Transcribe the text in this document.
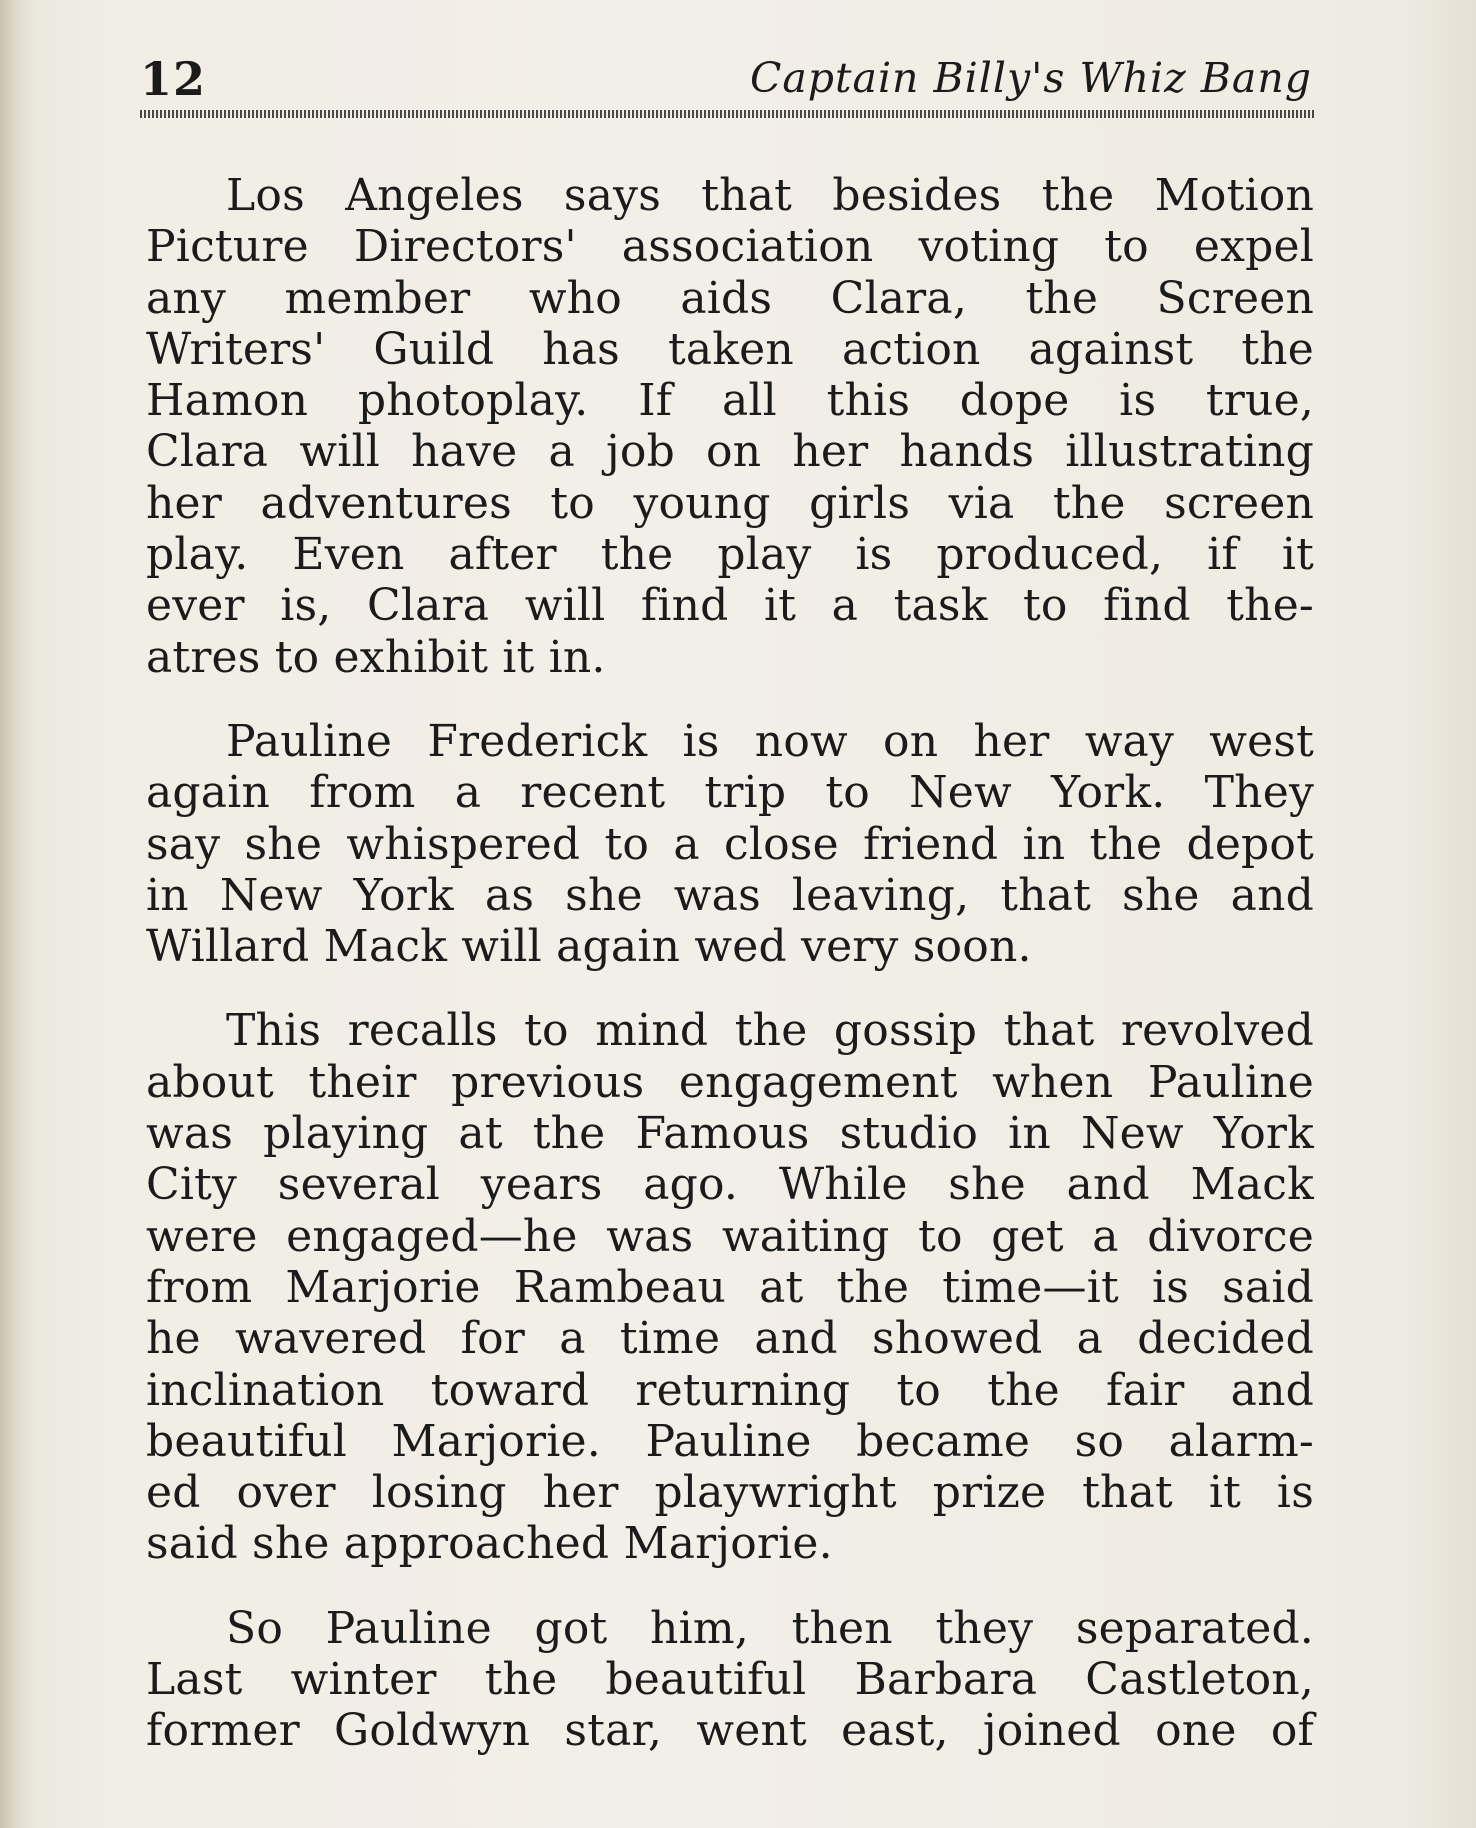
12	Captain Billy's Whiz Bang
Los Angeles says that besides the Motion
Picture Directors' association voting to expel
any member who aids Clara, the Screen
Writers' Guild has taken action against the
Hamon photoplay. If all this dope is true,
Clara will have a job on her hands illustrating
her adventures to young girls via the screen
play. Even after the play is produced, if it
ever is, Clara will find it a task to find the-
atres to exhibit it in.
Pauline Frederick is now on her way west
again from a recent trip to New York. They
say she whispered to a close friend in the depot
in New York as she was leaving, that she and
Willard Mack will again wed very soon.
This recalls to mind the gossip that revolved
about their previous engagement when Pauline
was playing at the Famous studio in New York
City several years ago. While she and Mack
were engaged—he was waiting to get a divorce
from Marjorie Rambeau at the time—it is said
he wavered for a time and showed a decided
inclination toward returning to the fair and
beautiful Marjorie. Pauline became so alarm-
ed over losing her playwright prize that it is
said she approached Marjorie.
So Pauline got him, then they separated.
Last winter the beautiful Barbara Castleton,
former Goldwyn star, went east, joined one of
